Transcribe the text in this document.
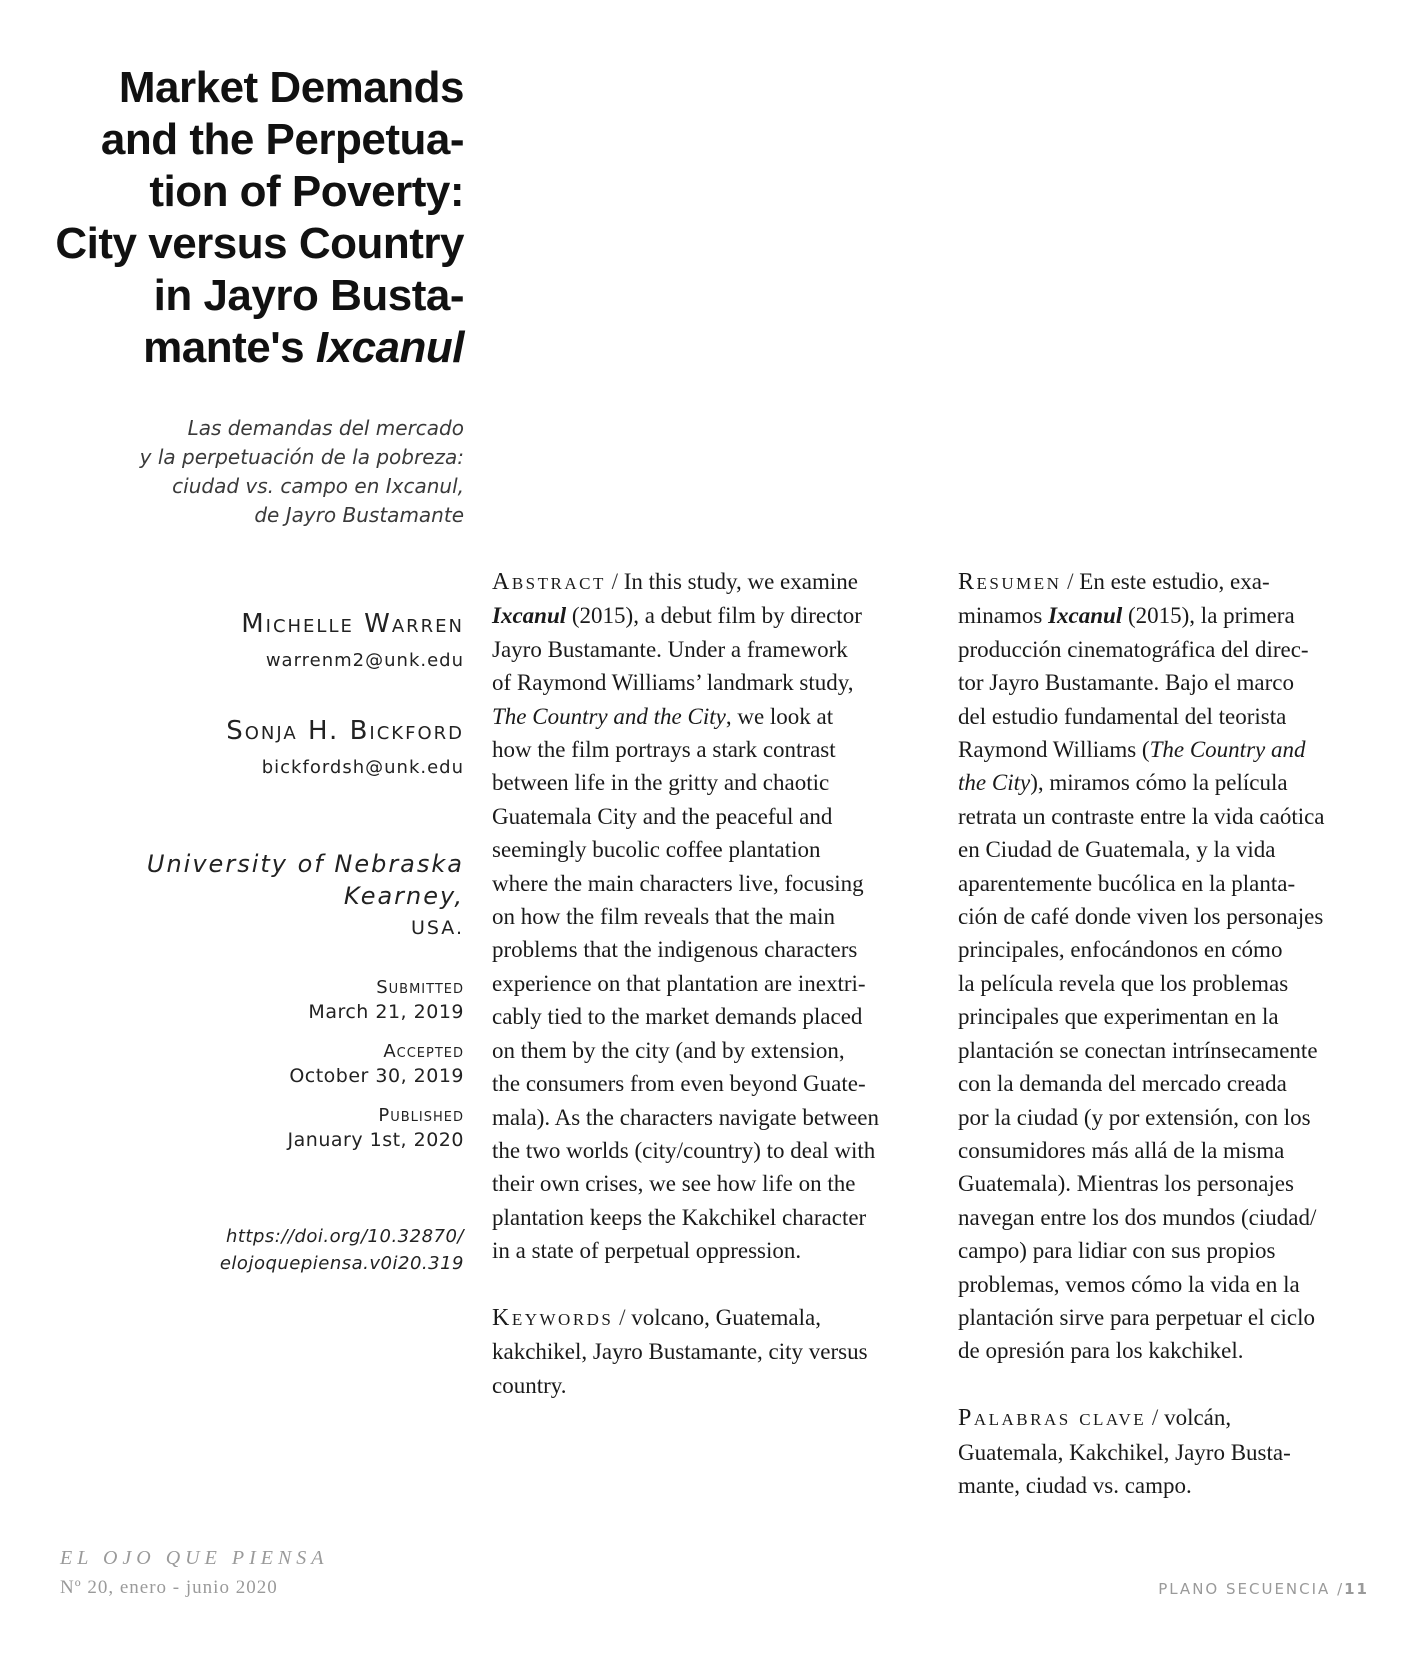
Market Demands
and the Perpetua-
tion of Poverty:
City versus Country
in Jayro Busta-
mante's Ixcanul
Las demandas del mercado
y la perpetuación de la pobreza:
ciudad vs. campo en Ixcanul,
de Jayro Bustamante
Michelle Warren
warrenm2@unk.edu
Sonja H. Bickford
bickfordsh@unk.edu
University of Nebraska
Kearney,
USA.
Submitted
March 21, 2019
Accepted
October 30, 2019
Published
January 1st, 2020
https://doi.org/10.32870/
elojoquepiensa.v0i20.319
Abstract / In this study, we examine
Ixcanul (2015), a debut film by director
Jayro Bustamante. Under a framework
of Raymond Williams’ landmark study,
The Country and the City, we look at
how the film portrays a stark contrast
between life in the gritty and chaotic
Guatemala City and the peaceful and
seemingly bucolic coffee plantation
where the main characters live, focusing
on how the film reveals that the main
problems that the indigenous characters
experience on that plantation are inextri-
cably tied to the market demands placed
on them by the city (and by extension,
the consumers from even beyond Guate-
mala). As the characters navigate between
the two worlds (city/country) to deal with
their own crises, we see how life on the
plantation keeps the Kakchikel character
in a state of perpetual oppression.
Keywords / volcano, Guatemala,
kakchikel, Jayro Bustamante, city versus
country.
Resumen / En este estudio, exa-
minamos Ixcanul (2015), la primera
producción cinematográfica del direc-
tor Jayro Bustamante. Bajo el marco
del estudio fundamental del teorista
Raymond Williams (The Country and
the City), miramos cómo la película
retrata un contraste entre la vida caótica
en Ciudad de Guatemala, y la vida
aparentemente bucólica en la planta-
ción de café donde viven los personajes
principales, enfocándonos en cómo
la película revela que los problemas
principales que experimentan en la
plantación se conectan intrínsecamente
con la demanda del mercado creada
por la ciudad (y por extensión, con los
consumidores más allá de la misma
Guatemala). Mientras los personajes
navegan entre los dos mundos (ciudad/
campo) para lidiar con sus propios
problemas, vemos cómo la vida en la
plantación sirve para perpetuar el ciclo
de opresión para los kakchikel.
Palabras clave / volcán,
Guatemala, Kakchikel, Jayro Busta-
mante, ciudad vs. campo.
EL OJO QUE PIENSA
Nº 20, enero - junio 2020	PLANO SECUENCIA /11
